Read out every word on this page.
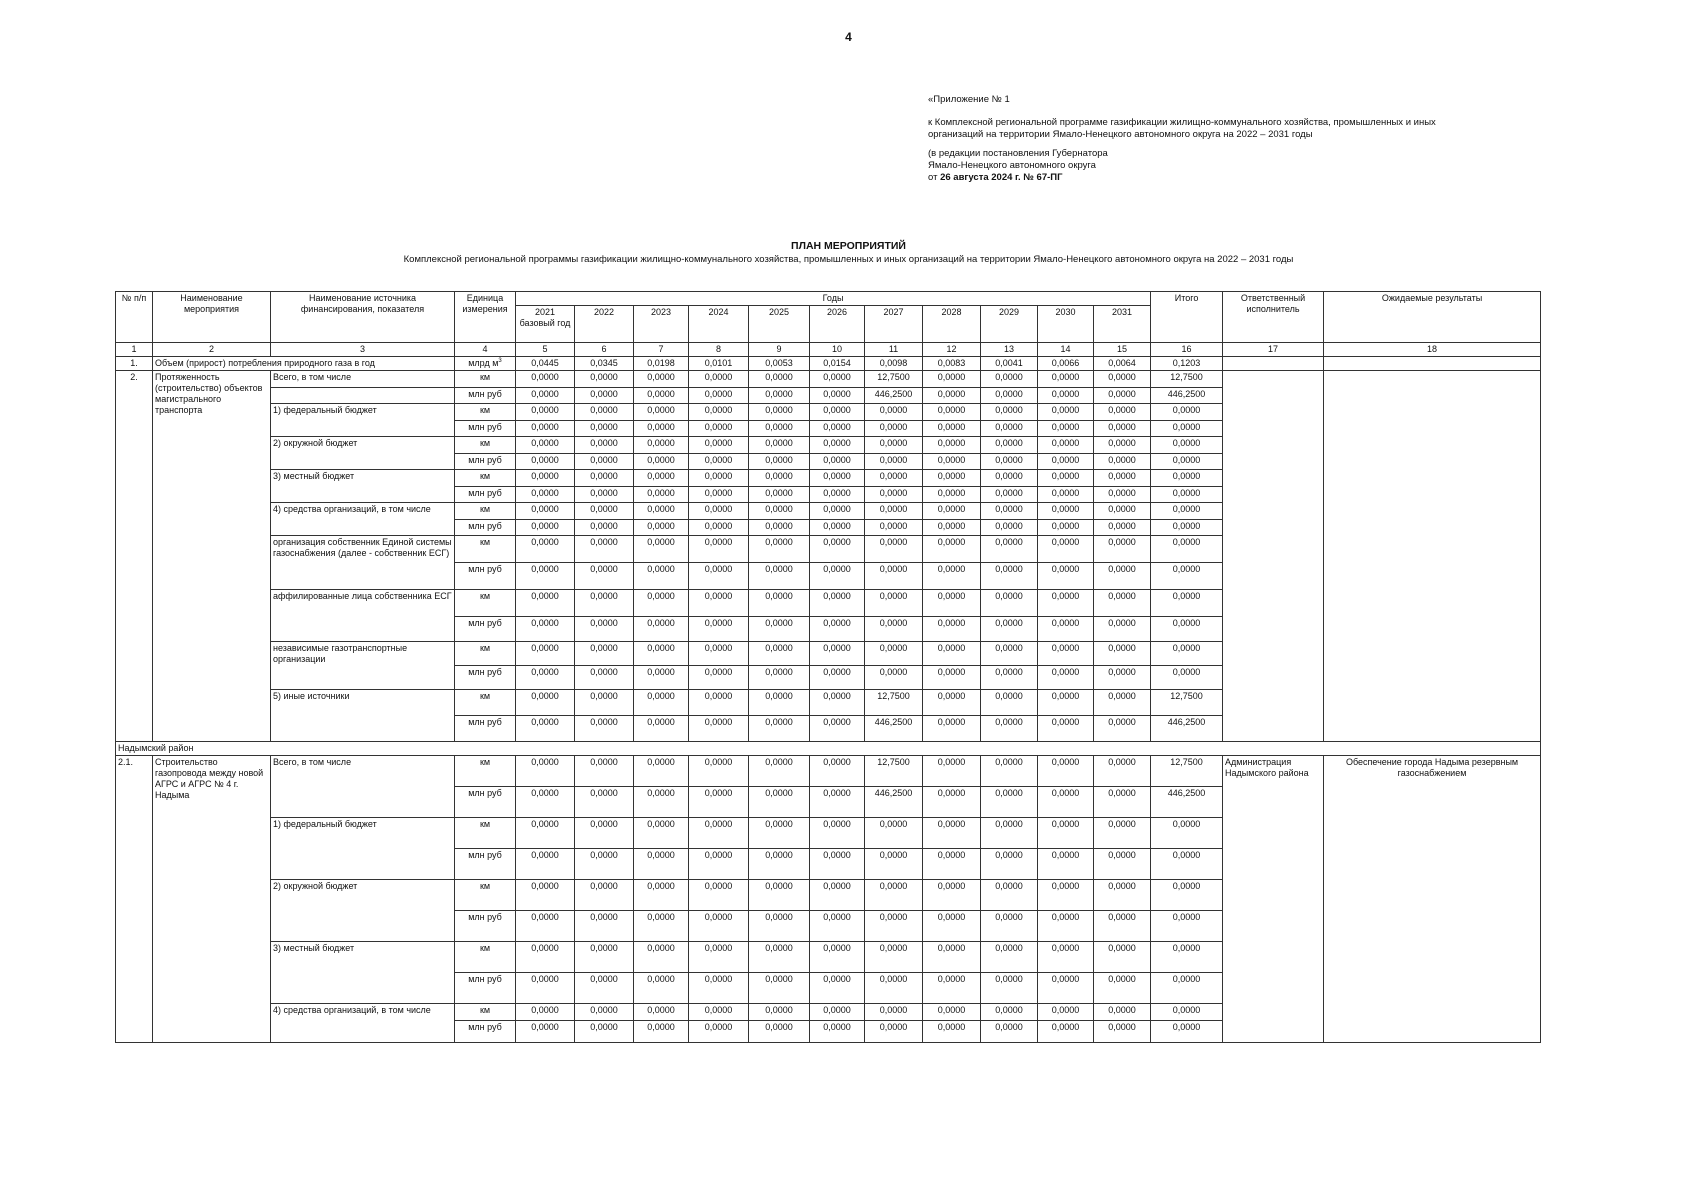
4

«Приложение № 1

к Комплексной региональной программе газификации жилищно-коммунального хозяйства, промышленных и иных

организаций на территории Ямало-Ненецкого автономного округа на 2022 – 2031 годы

(в редакции постановления Губернатора

Ямало-Ненецкого автономного округа

от 26 августа 2024 г. № 67-ПГ

ПЛАН МЕРОПРИЯТИЙ
Комплексной региональной программы газификации жилищно-коммунального хозяйства, промышленных и иных организаций на территории Ямало-Ненецкого автономного округа на 2022 – 2031 годы
№ п/п	Наименование мероприятия	Наименование источника финансирования, показателя	Единица измерения	Годы											Итого	Ответственный исполнитель	Ожидаемые результаты
				2021 базовый год	2022	2023	2024	2025	2026	2027	2028	2029	2030	2031			
1	2	3	4	5	6	7	8	9	10	11	12	13	14	15	16	17	18
1.	Объем (прирост) потребления природного газа в год		млрд $м^3$	0,0445	0,0345	0,0198	0,0101	0,0053	0,0154	0,0098	0,0083	0,0041	0,0066	0,0064	0,1203		
2.	Протяженность (строительство) объектов магистрального транспорта	Всего, в том числе	км	0,0000	0,0000	0,0000	0,0000	0,0000	0,0000	12,7500	0,0000	0,0000	0,0000	0,0000	12,7500		
			млн руб	0,0000	0,0000	0,0000	0,0000	0,0000	0,0000	446,2500	0,0000	0,0000	0,0000	0,0000	446,2500		
		1) федеральный бюджет	км	0,0000	0,0000	0,0000	0,0000	0,0000	0,0000	0,0000	0,0000	0,0000	0,0000	0,0000	0,0000		
			млн руб	0,0000	0,0000	0,0000	0,0000	0,0000	0,0000	0,0000	0,0000	0,0000	0,0000	0,0000	0,0000		
		2) окружной бюджет	км	0,0000	0,0000	0,0000	0,0000	0,0000	0,0000	0,0000	0,0000	0,0000	0,0000	0,0000	0,0000		
			млн руб	0,0000	0,0000	0,0000	0,0000	0,0000	0,0000	0,0000	0,0000	0,0000	0,0000	0,0000	0,0000		
		3) местный бюджет	км	0,0000	0,0000	0,0000	0,0000	0,0000	0,0000	0,0000	0,0000	0,0000	0,0000	0,0000	0,0000		
			млн руб	0,0000	0,0000	0,0000	0,0000	0,0000	0,0000	0,0000	0,0000	0,0000	0,0000	0,0000	0,0000		
		4) средства организаций, в том числе	км	0,0000	0,0000	0,0000	0,0000	0,0000	0,0000	0,0000	0,0000	0,0000	0,0000	0,0000	0,0000		
			млн руб	0,0000	0,0000	0,0000	0,0000	0,0000	0,0000	0,0000	0,0000	0,0000	0,0000	0,0000	0,0000		
		организация собственник Единой системы газоснабжения (далее - собственник ЕСГ)	км	0,0000	0,0000	0,0000	0,0000	0,0000	0,0000	0,0000	0,0000	0,0000	0,0000	0,0000	0,0000		
			млн руб	0,0000	0,0000	0,0000	0,0000	0,0000	0,0000	0,0000	0,0000	0,0000	0,0000	0,0000	0,0000		
		аффилированные лица собственника ЕСГ	км	0,0000	0,0000	0,0000	0,0000	0,0000	0,0000	0,0000	0,0000	0,0000	0,0000	0,0000	0,0000		
			млн руб	0,0000	0,0000	0,0000	0,0000	0,0000	0,0000	0,0000	0,0000	0,0000	0,0000	0,0000	0,0000		
		независимые газотранспортные организации	км	0,0000	0,0000	0,0000	0,0000	0,0000	0,0000	0,0000	0,0000	0,0000	0,0000	0,0000	0,0000		
			млн руб	0,0000	0,0000	0,0000	0,0000	0,0000	0,0000	0,0000	0,0000	0,0000	0,0000	0,0000	0,0000		
		5) иные источники	км	0,0000	0,0000	0,0000	0,0000	0,0000	0,0000	12,7500	0,0000	0,0000	0,0000	0,0000	12,7500		
			млн руб	0,0000	0,0000	0,0000	0,0000	0,0000	0,0000	446,2500	0,0000	0,0000	0,0000	0,0000	446,2500		
Надымский район																	
2.1.	Строительство газопровода между новой АГРС и АГРС № 4 г. Надыма	Всего, в том числе	км	0,0000	0,0000	0,0000	0,0000	0,0000	0,0000	12,7500	0,0000	0,0000	0,0000	0,0000	12,7500	Администрация Надымского района	Обеспечение города Надыма резервным газоснабжением
			млн руб	0,0000	0,0000	0,0000	0,0000	0,0000	0,0000	446,2500	0,0000	0,0000	0,0000	0,0000	446,2500		
		1) федеральный бюджет	км	0,0000	0,0000	0,0000	0,0000	0,0000	0,0000	0,0000	0,0000	0,0000	0,0000	0,0000	0,0000		
			млн руб	0,0000	0,0000	0,0000	0,0000	0,0000	0,0000	0,0000	0,0000	0,0000	0,0000	0,0000	0,0000		
		2) окружной бюджет	км	0,0000	0,0000	0,0000	0,0000	0,0000	0,0000	0,0000	0,0000	0,0000	0,0000	0,0000	0,0000		
			млн руб	0,0000	0,0000	0,0000	0,0000	0,0000	0,0000	0,0000	0,0000	0,0000	0,0000	0,0000	0,0000		
		3) местный бюджет	км	0,0000	0,0000	0,0000	0,0000	0,0000	0,0000	0,0000	0,0000	0,0000	0,0000	0,0000	0,0000		
			млн руб	0,0000	0,0000	0,0000	0,0000	0,0000	0,0000	0,0000	0,0000	0,0000	0,0000	0,0000	0,0000		
		4) средства организаций, в том числе	км	0,0000	0,0000	0,0000	0,0000	0,0000	0,0000	0,0000	0,0000	0,0000	0,0000	0,0000	0,0000		
			млн руб	0,0000	0,0000	0,0000	0,0000	0,0000	0,0000	0,0000	0,0000	0,0000	0,0000	0,0000	0,0000		
